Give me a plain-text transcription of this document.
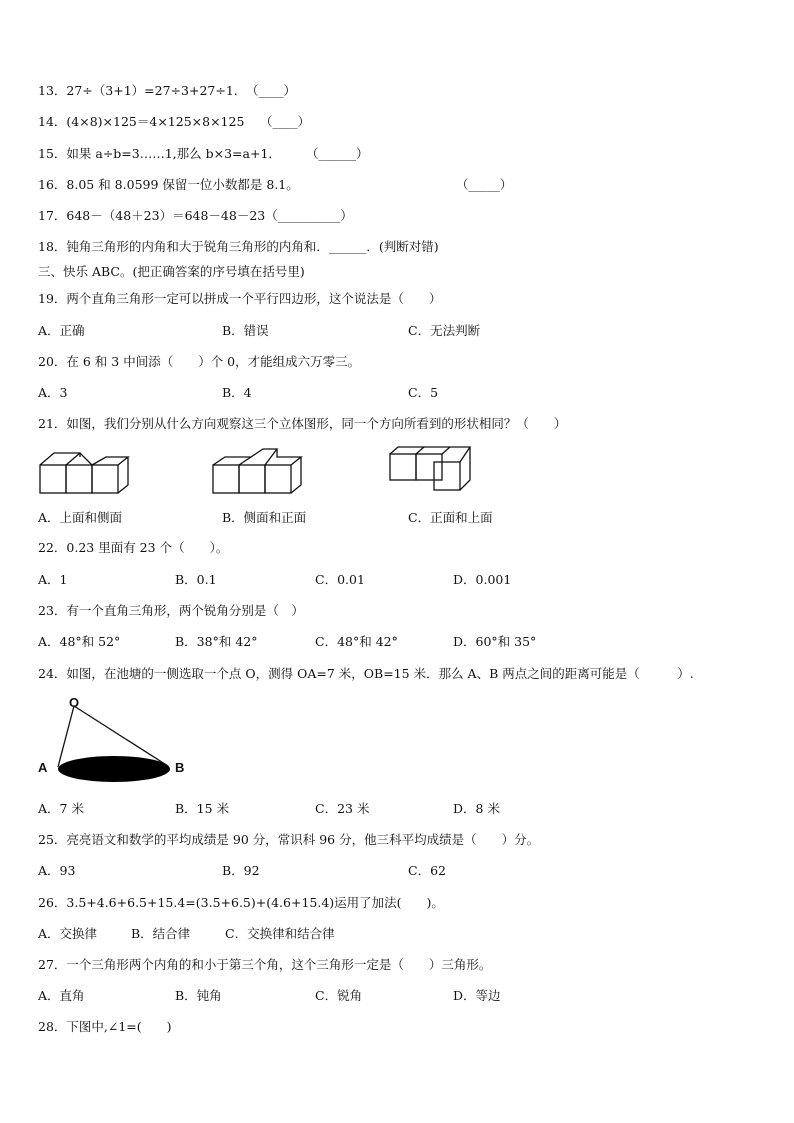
13．27÷（3+1）=27÷3+27÷1. （____）
14．(4×8)×125＝4×125×8×125 （____）
15．如果 a÷b=3……1,那么 b×3=a+1． （______）
16．8.05 和 8.0599 保留一位小数都是 8.1。	（_____）
17．648－（48＋23）＝648－48－23（__________）
18．钝角三角形的内角和大于锐角三角形的内角和．______．(判断对错)
三、快乐 ABC。(把正确答案的序号填在括号里)
19．两个直角三角形一定可以拼成一个平行四边形，这个说法是（　　）
A．正确	B．错误	C．无法判断
20．在 6 和 3 中间添（　　）个 0，才能组成六万零三。
A．3	B．4	C．5
21．如图，我们分别从什么方向观察这三个立体图形，同一个方向所看到的形状相同？（　　）
A．上面和侧面	B．侧面和正面	C．正面和上面
22．0.23 里面有 23 个（　　）。
A．1	B．0.1	C．0.01	D．0.001
23．有一个直角三角形，两个锐角分别是（　）
A．48°和 52°	B．38°和 42°	C．48°和 42°	D．60°和 35°
24．如图，在池塘的一侧选取一个点 O，测得 OA=7 米，OB=15 米．那么 A、B 两点之间的距离可能是（　　　）.
O
A	B
A．7 米	B．15 米	C．23 米	D．8 米
25．亮亮语文和数学的平均成绩是 90 分，常识科 96 分，他三科平均成绩是（　　）分。
A．93	B．92	C．62
26．3.5+4.6+6.5+15.4=(3.5+6.5)+(4.6+15.4)运用了加法(　　)。
A．交换律	B．结合律	C．交换律和结合律
27．一个三角形两个内角的和小于第三个角，这个三角形一定是（　　）三角形。
A．直角	B．钝角	C．锐角	D．等边
28．下图中,∠1=(　　)
